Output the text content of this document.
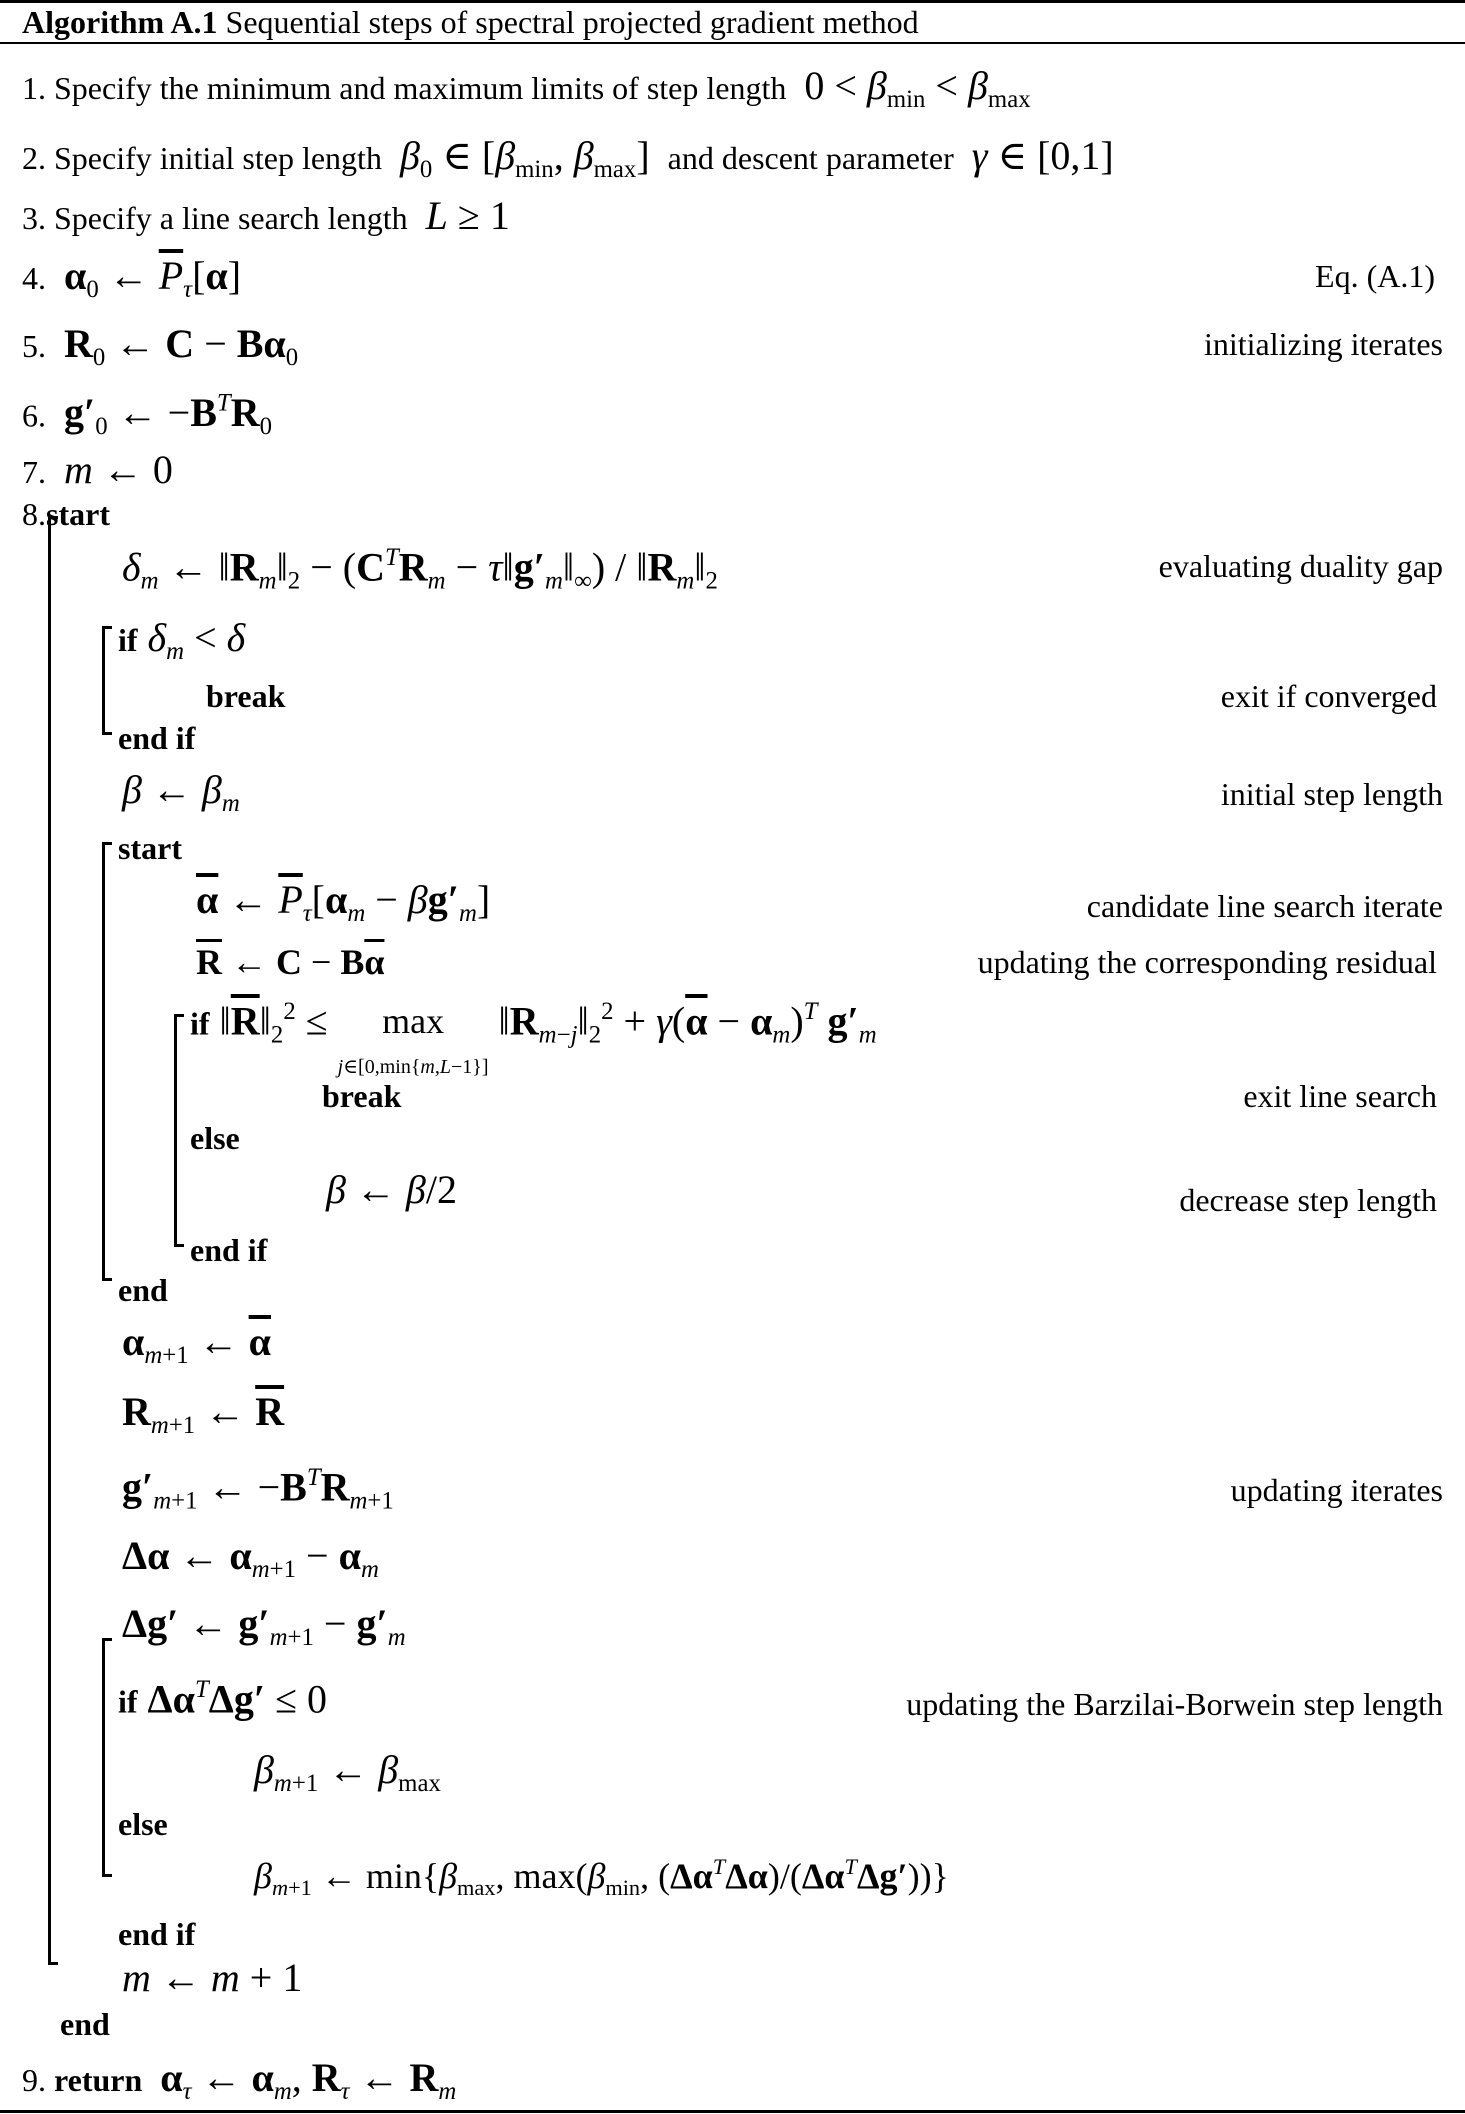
Algorithm A.1 Sequential steps of spectral projected gradient method
1. Specify the minimum and maximum limits of step length  $0 < \beta_{min} < \beta_{max}$
2. Specify initial step length $\beta_0$ ∈ [$\beta_{min}$, $\beta_{max}$]  and descent parameter γ ∈ [0,1]
3. Specify a line search length L ≥ 1
4. $\alpha_0$ ← $\overline{P}_\tau[\alpha]$	Eq. (A.1)
5. $R_0$ ← $C - B\alpha_0$	initializing iterates
6. $g'_0$ ← $-B^TR_0$
7. m ← 0
8.start
$\delta_m$ ← $‖R_m‖_2 - (C^TR_m$ − $\tau‖g'_m‖_\infty$) / $‖R_m‖_2$	evaluating duality gap
if $\delta_m < \delta$
break	exit if converged
end if
β ← $\beta_m$	initial step length
start
$\overline{\alpha}$ ← $\overline{P}_\tau[\alpha_m - \beta g'_m]$	candidate line search iterate
$\overline{R}$ ← $C - B\overline{\alpha}$	updating the corresponding residual
if $‖\overline{R}‖_2^2 \le \max$
j∈[0,min{m,L−1}] $‖R_{m-j}‖_2^2 + \gamma(\overline{\alpha} - \alpha_m)^T$ $g'_m$
break	exit line search
else
β ← β/2	decrease step length
end if
end
$\alpha_{m+1}$ ← $\overline{\alpha}$
$R_{m+1}$ ← $\overline{R}$
$g'_{m+1}$ ← $-B^TR_{m+1}$	updating iterates
Δα ← $\alpha_{m+1} - \alpha_m$
Δg′ ← $g'_{m+1} - g'_m$
if $\Delta\alpha^T\Delta g' \le 0$	updating the Barzilai-Borwein step length
$\beta_{m+1}$ ← $\beta_{max}$
else
$\beta_{m+1}$ ← $\min\{\beta_{max}$, $\max(\beta_{min}$, $(\Delta\alpha^T\Delta\alpha)/(\Delta\alpha^T\Delta g')$)}
end if
m ← m + 1
end
9. return $\alpha_\tau$ ← $\alpha_m$, $R_\tau$ ← $R_m$
